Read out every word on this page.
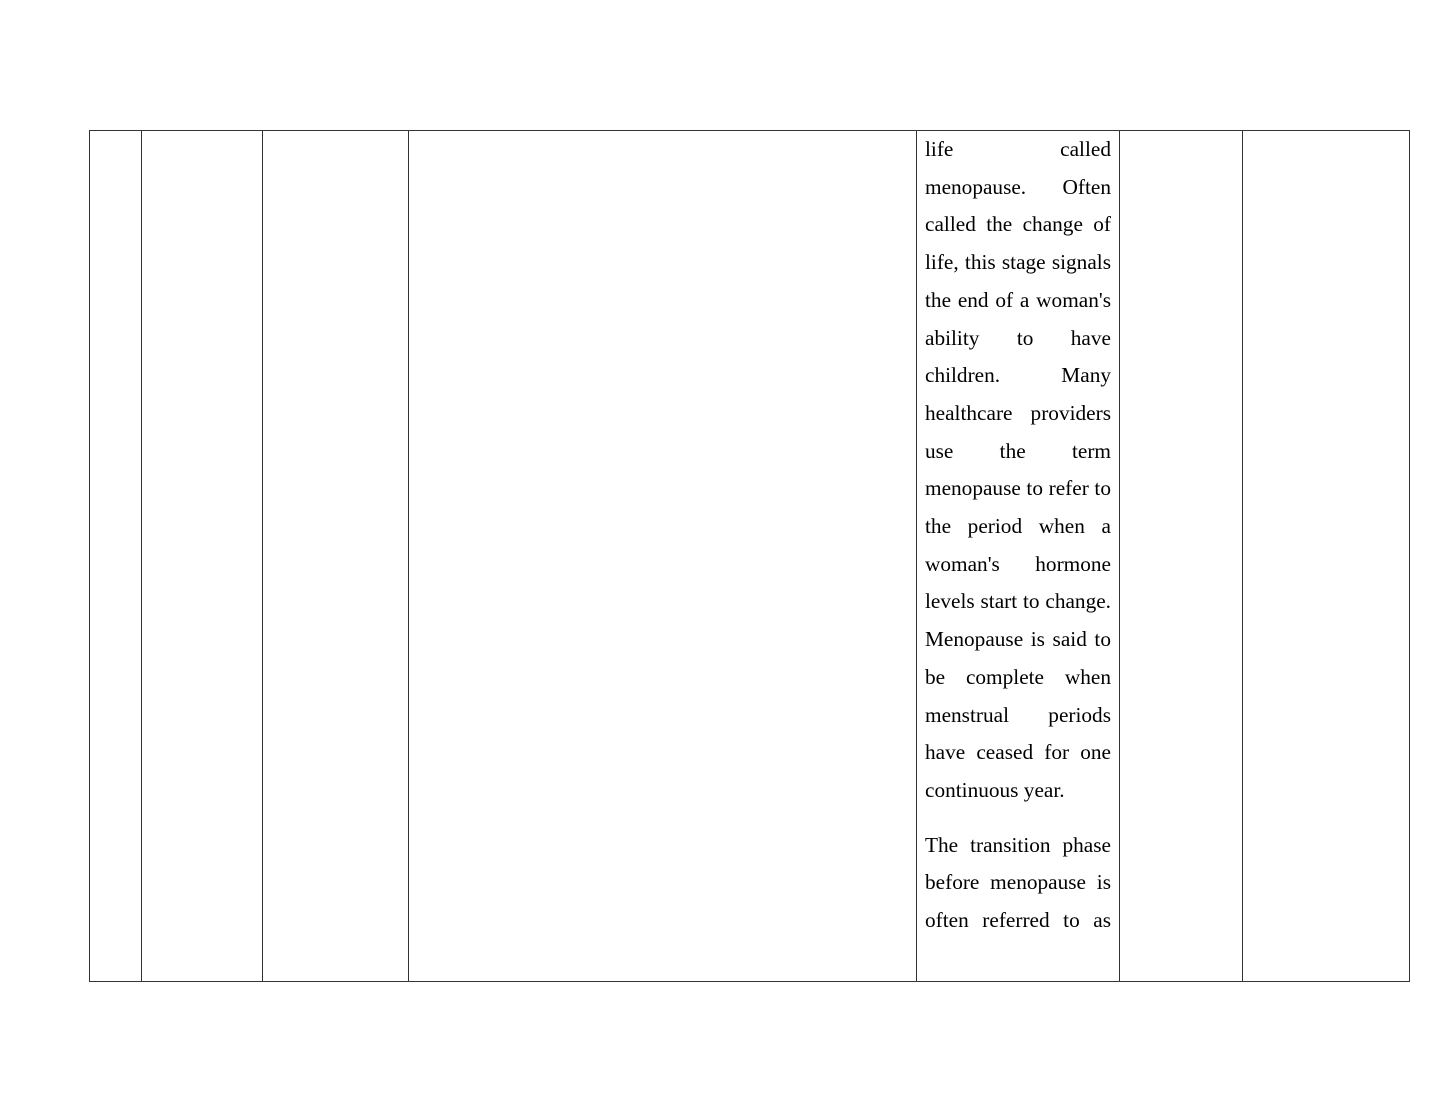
life called menopause. Often called the change of life, this stage signals the end of a woman's ability to have children. Many healthcare providers use the term menopause to refer to the period when a woman's hormone levels start to change. Menopause is said to be complete when menstrual periods have ceased for one continuous year.

The transition phase before menopause is often referred to as
